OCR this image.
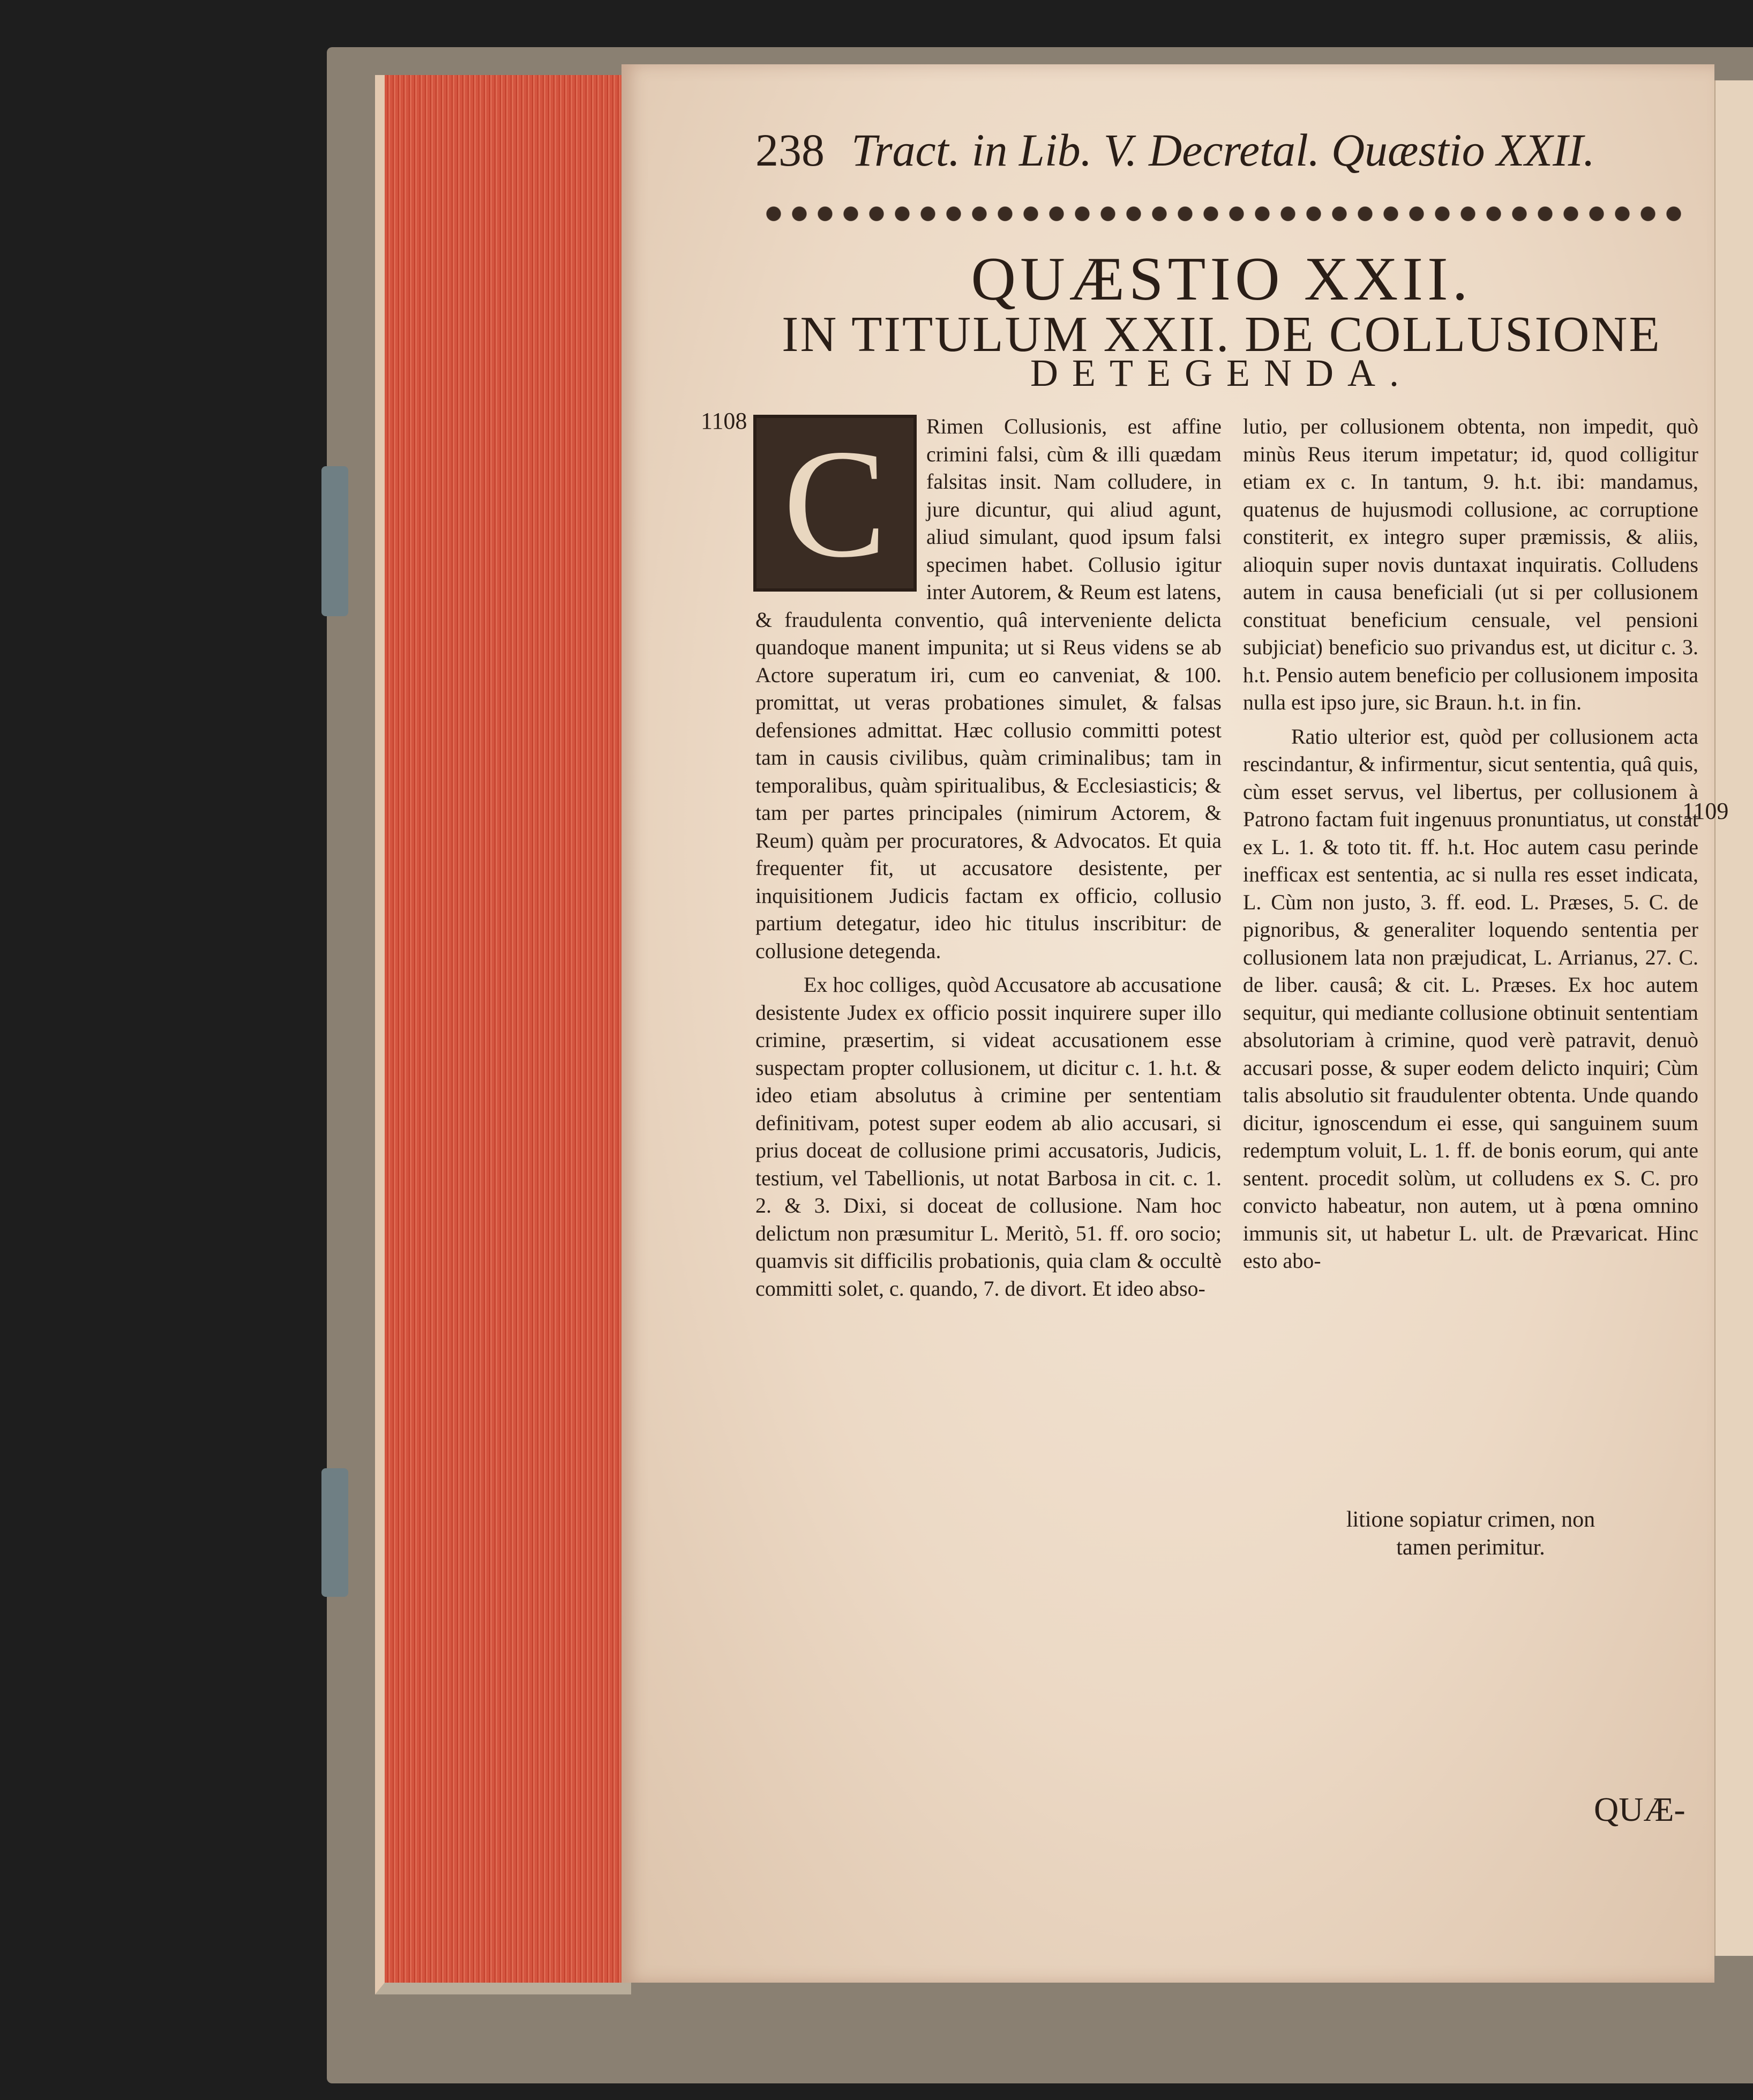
238 Tract. in Lib. V. Decretal. Quæstio XXII.
QUÆSTIO XXII.
IN TITULUM XXII. DE COLLUSIONE
DETEGENDA.
1108
1109
C	Rimen Collusionis, est affine crimini falsi, cùm & illi quædam falsitas insit. Nam colludere, in jure dicuntur, qui aliud agunt, aliud simulant, quod ipsum falsi specimen habet. Collusio igitur inter Autorem, & Reum est latens, & fraudulenta conventio, quâ interveniente delicta quandoque manent impunita; ut si Reus videns se ab Actore superatum iri, cum eo canveniat, & 100. promittat, ut veras probationes simulet, & falsas defensiones admittat. Hæc collusio committi potest tam in causis civilibus, quàm criminalibus; tam in temporalibus, quàm spiritualibus, & Ecclesiasticis; & tam per partes principales (nimirum Actorem, & Reum) quàm per procuratores, & Advocatos. Et quia frequenter fit, ut accusatore desistente, per inquisitionem Judicis factam ex officio, collusio partium detegatur, ideo hic titulus inscribitur: de collusione detegenda.

Ex hoc colliges, quòd Accusatore ab accusatione desistente Judex ex officio possit inquirere super illo crimine, præsertim, si videat accusationem esse suspectam propter collusionem, ut dicitur c. 1. h.t. & ideo etiam absolutus à crimine per sententiam definitivam, potest super eodem ab alio accusari, si prius doceat de collusione primi accusatoris, Judicis, testium, vel Tabellionis, ut notat Barbosa in cit. c. 1. 2. & 3. Dixi, si doceat de collusione. Nam hoc delictum non præsumitur L. Meritò, 51. ff. oro socio; quamvis sit difficilis probationis, quia clam & occultè committi solet, c. quando, 7. de divort. Et ideo abso-

lutio, per collusionem obtenta, non impedit, quò minùs Reus iterum impetatur; id, quod colligitur etiam ex c. In tantum, 9. h.t. ibi: mandamus, quatenus de hujusmodi collusione, ac corruptione constiterit, ex integro super præmissis, & aliis, alioquin super novis duntaxat inquiratis. Colludens autem in causa beneficiali (ut si per collusionem constituat beneficium censuale, vel pensioni subjiciat) beneficio suo privandus est, ut dicitur c. 3. h.t. Pensio autem beneficio per collusionem imposita nulla est ipso jure, sic Braun. h.t. in fin.

Ratio ulterior est, quòd per collusionem acta rescindantur, & infirmentur, sicut sententia, quâ quis, cùm esset servus, vel libertus, per collusionem à Patrono factam fuit ingenuus pronuntiatus, ut constat ex L. 1. & toto tit. ff. h.t. Hoc autem casu perinde inefficax est sententia, ac si nulla res esset indicata, L. Cùm non justo, 3. ff. eod. L. Præses, 5. C. de pignoribus, & generaliter loquendo sententia per collusionem lata non præjudicat, L. Arrianus, 27. C. de liber. causâ; & cit. L. Præses. Ex hoc autem sequitur, qui mediante collusione obtinuit sententiam absolutoriam à crimine, quod verè patravit, denuò accusari posse, & super eodem delicto inquiri; Cùm talis absolutio sit fraudulenter obtenta. Unde quando dicitur, ignoscendum ei esse, qui sanguinem suum redemptum voluit, L. 1. ff. de bonis eorum, qui ante sentent. procedit solùm, ut colludens ex S. C. pro convicto habeatur, non autem, ut à pœna omnino immunis sit, ut habetur L. ult. de Prævaricat. Hinc esto abo-

litione sopiatur crimen, non
tamen perimitur.
QUÆ-
